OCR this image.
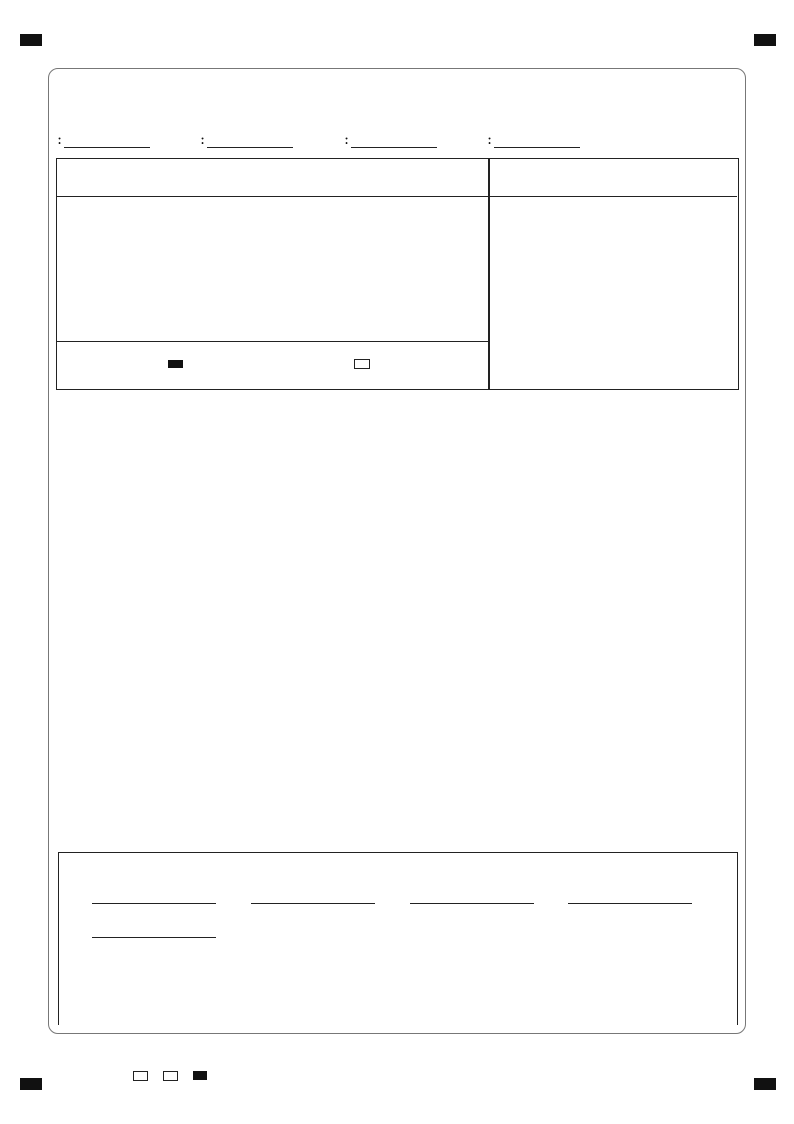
:	:	:	:
